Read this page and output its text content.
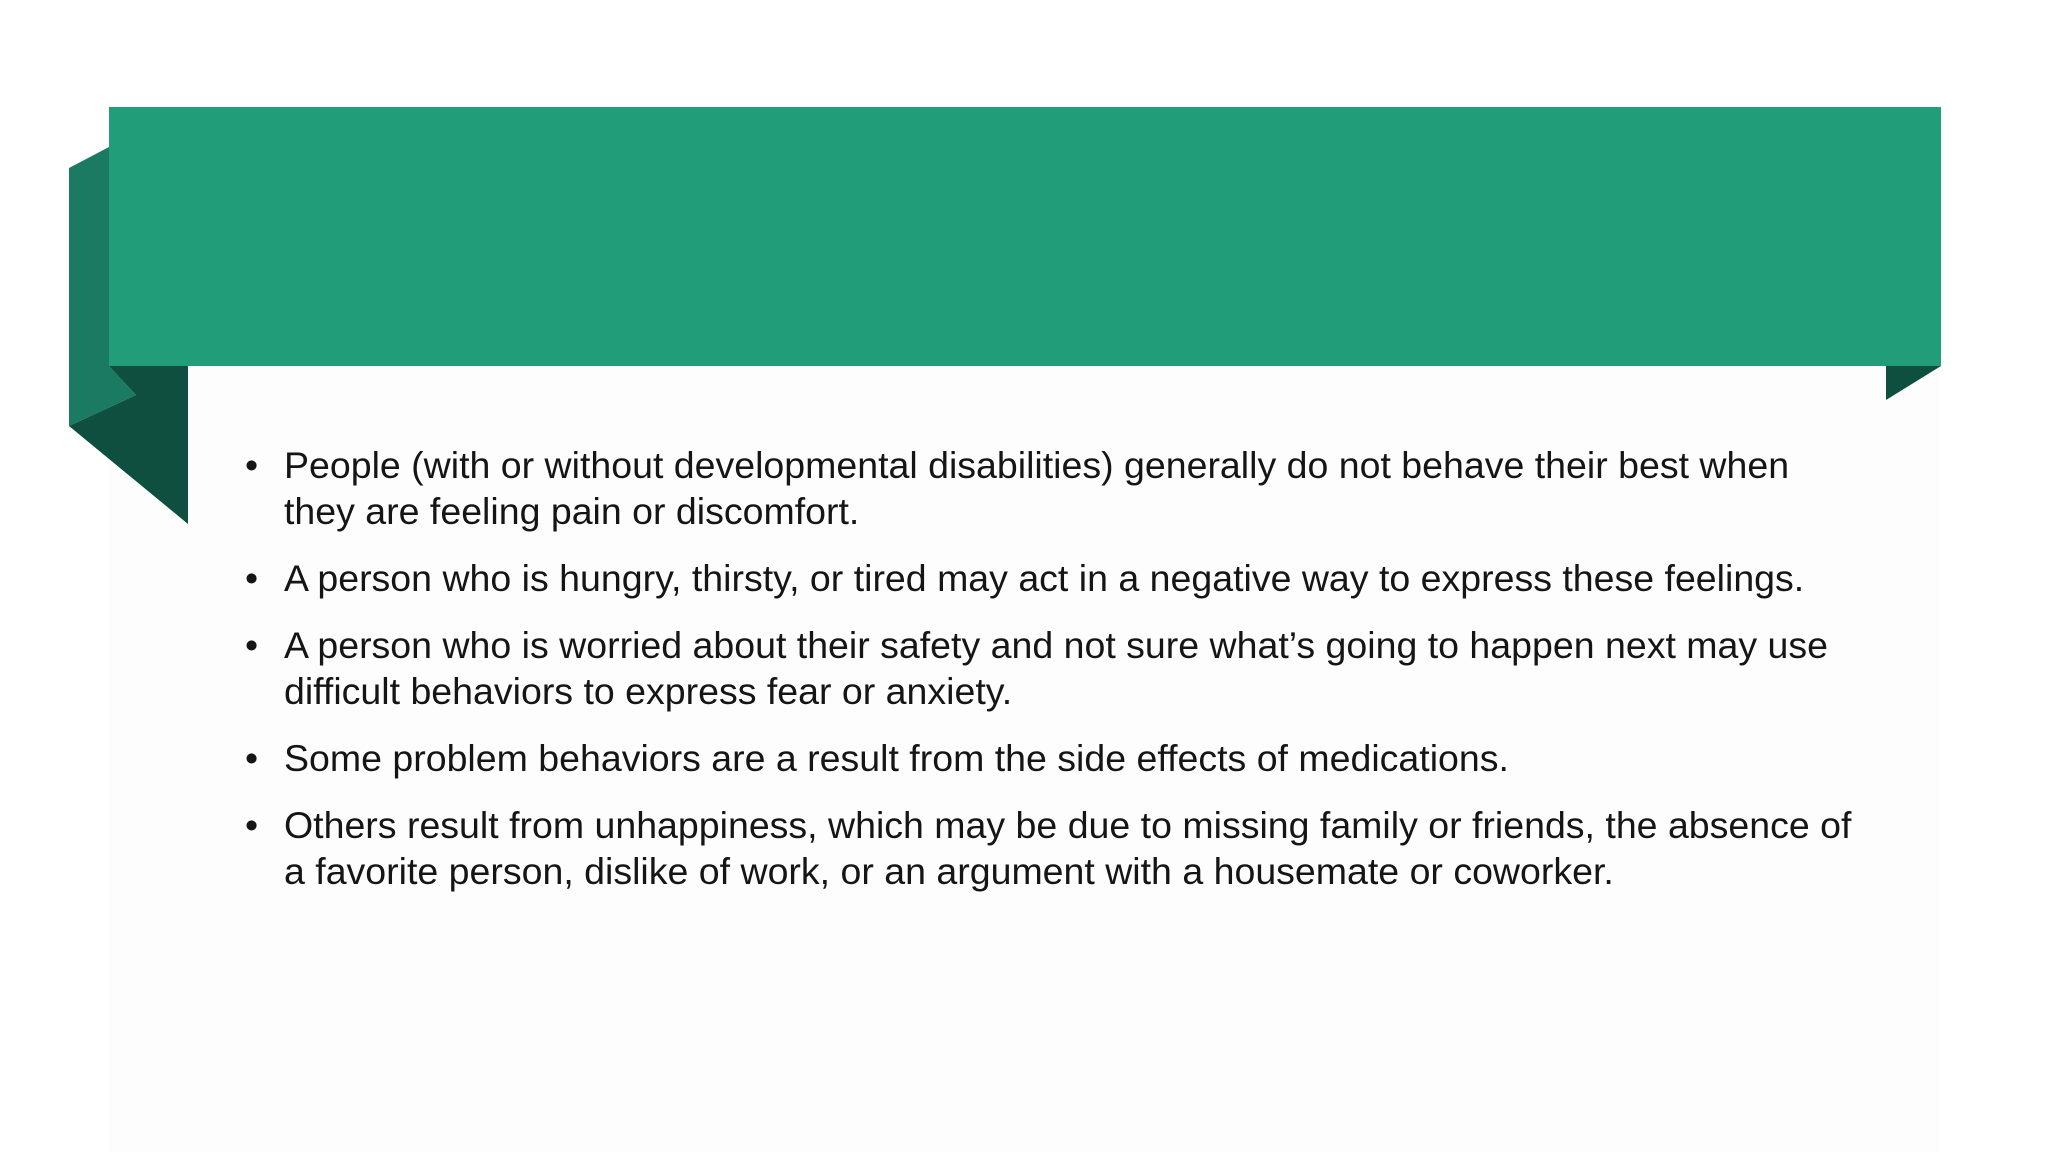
• People (with or without developmental disabilities) generally do not behave their best when they are feeling pain or discomfort.
• A person who is hungry, thirsty, or tired may act in a negative way to express these feelings.
• A person who is worried about their safety and not sure what’s going to happen next may use difficult behaviors to express fear or anxiety.
• Some problem behaviors are a result from the side effects of medications.
• Others result from unhappiness, which may be due to missing family or friends, the absence of a favorite person, dislike of work, or an argument with a housemate or coworker.
